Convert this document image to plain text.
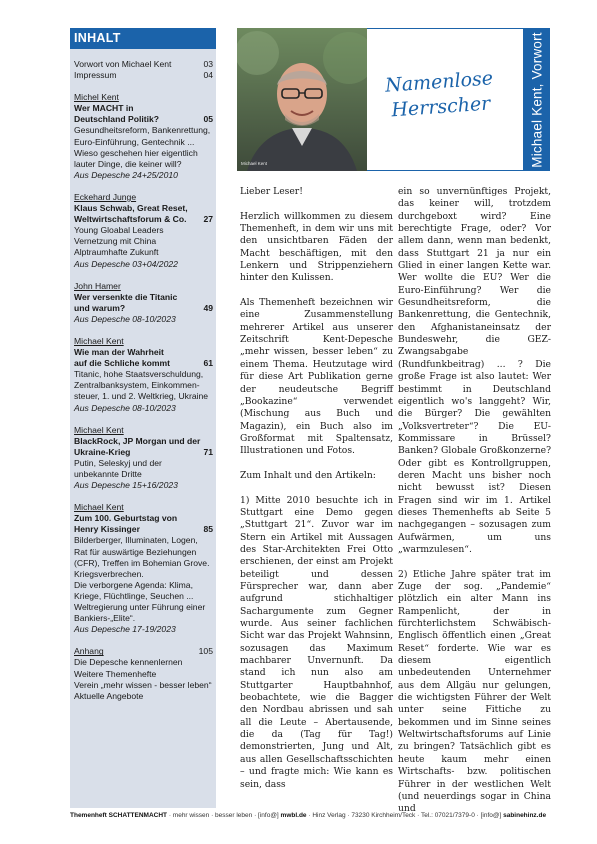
INHALT
Vorwort von Michael Kent	03
Impressum	04
Michel Kent
Wer MACHT in
Deutschland Politik?	05
Gesundheitsreform, Bankenrettung,
Euro-Einführung, Gentechnik ...
Wieso geschehen hier eigentlich
lauter Dinge, die keiner will?
Aus Depesche 24+25/2010
Eckehard Junge
Klaus Schwab, Great Reset,
Weltwirtschaftsforum & Co. 27
Young Gloabal Leaders
Vernetzung mit China
Alptraumhafte Zukunft
Aus Depesche 03+04/2022
John Hamer
Wer versenkte die Titanic
und warum?	49
Aus Depesche 08-10/2023
Michael Kent
Wie man der Wahrheit
auf die Schliche kommt	61
Titanic, hohe Staatsverschuldung,
Zentralbanksystem, Einkommen-
steuer, 1. und 2. Weltkrieg, Ukraine
Aus Depesche 08-10/2023
Michael Kent
BlackRock, JP Morgan und der
Ukraine-Krieg	71
Putin, Seleskyj und der
unbekannte Dritte
Aus Depesche 15+16/2023
Michael Kent
Zum 100. Geburtstag von
Henry Kissinger	85
Bilderberger, Illuminaten, Logen,
Rat für auswärtige Beziehungen
(CFR), Treffen im Bohemian Grove.
Kriegsverbrechen.
Die verborgene Agenda: Klima,
Kriege, Flüchtlinge, Seuchen ...
Weltregierung unter Führung einer
Bankiers-„Elite“.
Aus Depesche 17-19/2023
Anhang	105
Die Depesche kennenlernen
Weitere Themenhefte
Verein „mehr wissen - besser leben“
Aktuelle Angebote
Michael Kent
Namenlose
Herrscher	Michael Kent, Vorwort

Lieber Leser!

Herzlich willkommen zu diesem Themenheft, in dem wir uns mit den unsichtbaren Fäden der Macht beschäftigen, mit den Lenkern und Strippenziehern hinter den Kulissen.

Als Themenheft bezeichnen wir eine Zusammenstellung mehrerer Artikel aus unserer Zeitschrift Kent-Depesche „mehr wissen, besser leben“ zu einem Thema. Heutzutage wird für diese Art Publikation gerne der neudeutsche Begriff „Bookazine“ verwendet (Mischung aus Buch und Magazin), ein Buch also im Großformat mit Spaltensatz, Illustrationen und Fotos.

Zum Inhalt und den Artikeln:

1) Mitte 2010 besuchte ich in Stuttgart eine Demo gegen „Stuttgart 21“. Zuvor war im Stern ein Artikel mit Aussagen des Star-Architekten Frei Otto erschienen, der einst am Projekt beteiligt und dessen Fürsprecher war, dann aber aufgrund stichhaltiger Sachargumente zum Gegner wurde. Aus seiner fachlichen Sicht war das Projekt Wahnsinn, sozusagen das Maximum machbarer Unvernunft. Da stand ich nun also am Stuttgarter Hauptbahnhof, beobachtete, wie die Bagger den Nordbau abrissen und sah all die Leute – Abertausende, die da (Tag für Tag!) demonstrierten, Jung und Alt, aus allen Gesellschaftsschichten – und fragte mich: Wie kann es sein, dass

ein so unvernünftiges Projekt, das keiner will, trotzdem durchgeboxt wird? Eine berechtigte Frage, oder? Vor allem dann, wenn man bedenkt, dass Stuttgart 21 ja nur ein Glied in einer langen Kette war. Wer wollte die EU? Wer die Euro-Einführung? Wer die Gesundheitsreform, die Bankenrettung, die Gentechnik, den Afghanistaneinsatz der Bundeswehr, die GEZ-Zwangsabgabe (Rundfunkbeitrag) ... ? Die große Frage ist also lautet: Wer bestimmt in Deutschland eigentlich wo's langgeht? Wir, die Bürger? Die gewählten „Volksvertreter“? Die EU-Kommissare in Brüssel? Banken? Globale Großkonzerne? Oder gibt es Kontrollgruppen, deren Macht uns bisher noch nicht bewusst ist? Diesen Fragen sind wir im 1. Artikel dieses Themenhefts ab Seite 5 nachgegangen – sozusagen zum Aufwärmen, um uns „warmzulesen“.

2) Etliche Jahre später trat im Zuge der sog. „Pandemie“ plötzlich ein alter Mann ins Rampenlicht, der in fürchterlichstem Schwäbisch-Englisch öffentlich einen „Great Reset“ forderte. Wie war es diesem eigentlich unbedeutenden Unternehmer aus dem Allgäu nur gelungen, die wichtigsten Führer der Welt unter seine Fittiche zu bekommen und im Sinne seines Weltwirtschaftsforums auf Linie zu bringen? Tatsächlich gibt es heute kaum mehr einen Wirtschafts- bzw. politischen Führer in der westlichen Welt (und neuerdings sogar in China und

Themenheft SCHATTENMACHT · mehr wissen · besser leben · [info@] mwbl.de · Hinz Verlag · 73230 Kirchheim/Teck · Tel.: 07021/7379-0 · [info@] sabinehinz.de
